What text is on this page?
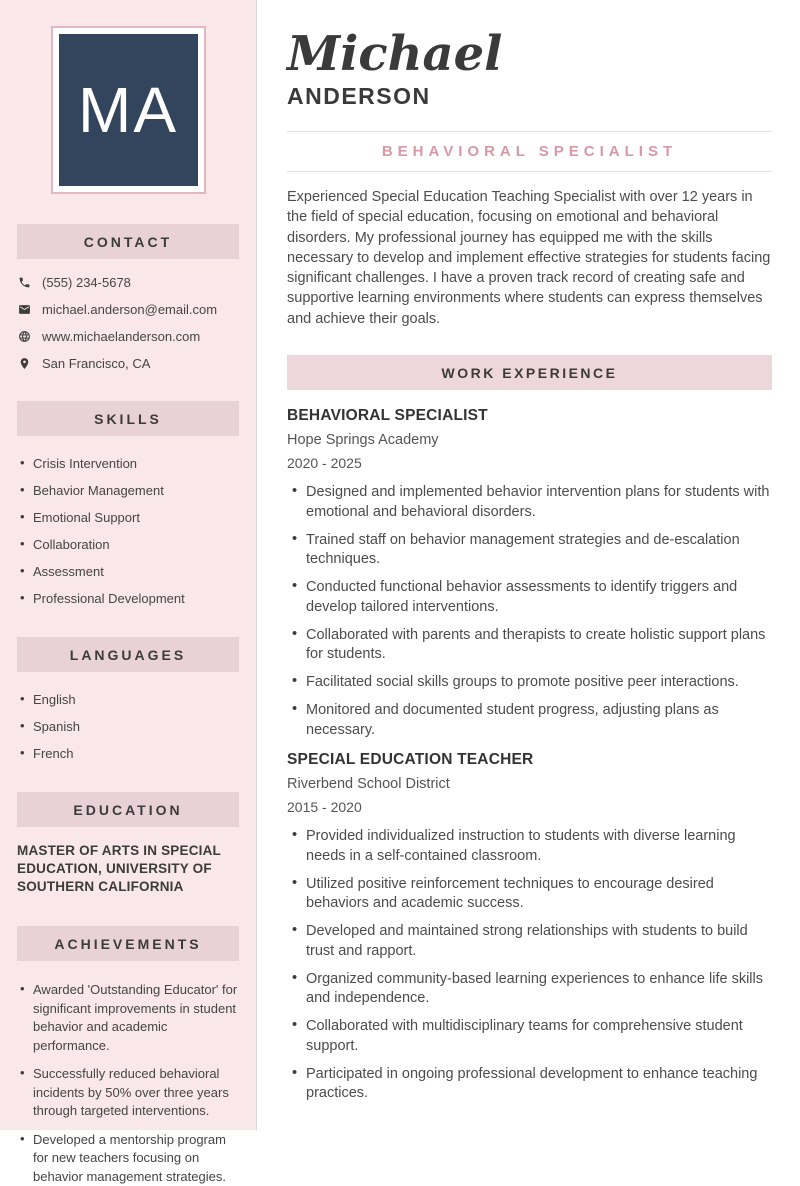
MA
CONTACT
(555) 234-5678
michael.anderson@email.com
www.michaelanderson.com
San Francisco, CA
SKILLS
• Crisis Intervention
• Behavior Management
• Emotional Support
• Collaboration
• Assessment
• Professional Development
LANGUAGES
• English
• Spanish
• French
EDUCATION
MASTER OF ARTS IN SPECIAL EDUCATION, UNIVERSITY OF SOUTHERN CALIFORNIA
ACHIEVEMENTS
• Awarded 'Outstanding Educator' for significant improvements in student behavior and academic performance.
• Successfully reduced behavioral incidents by 50% over three years through targeted interventions.
• Developed a mentorship program for new teachers focusing on behavior management strategies.
Michael
ANDERSON
BEHAVIORAL SPECIALIST

Experienced Special Education Teaching Specialist with over 12 years in the field of special education, focusing on emotional and behavioral disorders. My professional journey has equipped me with the skills necessary to develop and implement effective strategies for students facing significant challenges. I have a proven track record of creating safe and supportive learning environments where students can express themselves and achieve their goals.

WORK EXPERIENCE
BEHAVIORAL SPECIALIST
Hope Springs Academy
2020 - 2025
• Designed and implemented behavior intervention plans for students with emotional and behavioral disorders.
• Trained staff on behavior management strategies and de-escalation techniques.
• Conducted functional behavior assessments to identify triggers and develop tailored interventions.
• Collaborated with parents and therapists to create holistic support plans for students.
• Facilitated social skills groups to promote positive peer interactions.
• Monitored and documented student progress, adjusting plans as necessary.
SPECIAL EDUCATION TEACHER
Riverbend School District
2015 - 2020
• Provided individualized instruction to students with diverse learning needs in a self-contained classroom.
• Utilized positive reinforcement techniques to encourage desired behaviors and academic success.
• Developed and maintained strong relationships with students to build trust and rapport.
• Organized community-based learning experiences to enhance life skills and independence.
• Collaborated with multidisciplinary teams for comprehensive student support.
• Participated in ongoing professional development to enhance teaching practices.
